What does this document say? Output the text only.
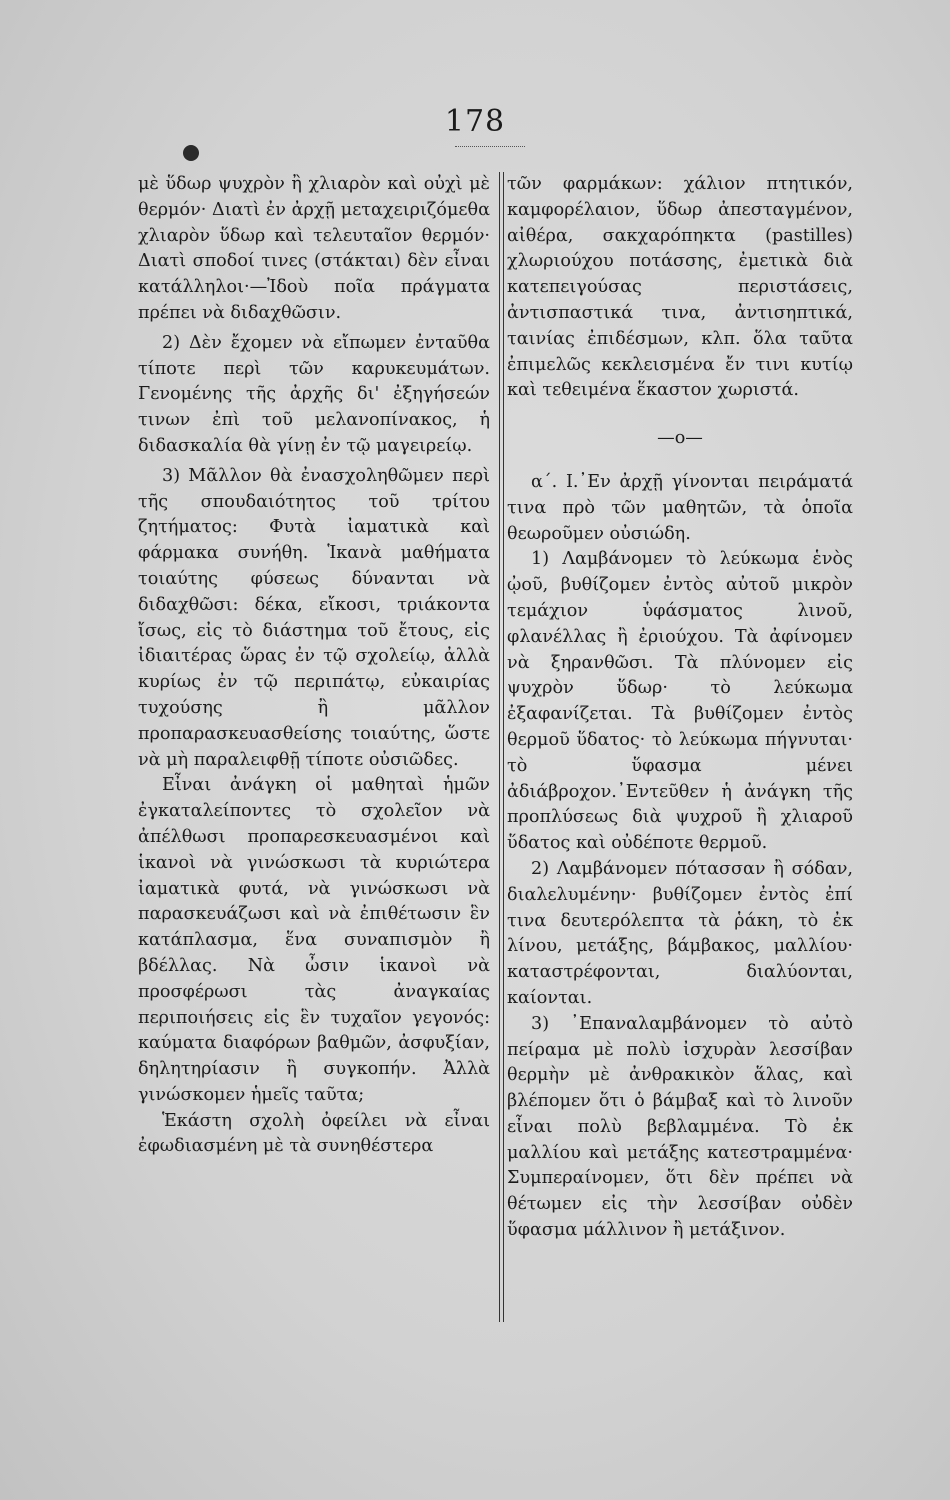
178

μὲ ὕδωρ ψυχρὸν ἢ χλιαρὸν καὶ οὐχὶ μὲ θερμόν· Διατὶ ἐν ἀρχῇ μεταχειριζόμεθα χλιαρὸν ὕδωρ καὶ τελευταῖον θερμόν· Διατὶ σποδοί τινες (στάκται) δὲν εἶναι κατάλληλοι·—Ἰδοὺ ποῖα πράγματα πρέπει νὰ διδαχθῶσιν.

2) Δὲν ἔχομεν νὰ εἴπωμεν ἐνταῦθα τίποτε περὶ τῶν καρυκευμάτων. Γενομένης τῆς ἀρχῆς δι' ἐξηγήσεών τινων ἐπὶ τοῦ μελανοπίνακος, ἡ διδασκαλία θὰ γίνῃ ἐν τῷ μαγειρείῳ.

3) Μᾶλλον θὰ ἐνασχοληθῶμεν περὶ τῆς σπουδαιότητος τοῦ τρίτου ζητήματος: Φυτὰ ἰαματικὰ καὶ φάρμακα συνήθη. Ἱκανὰ μαθήματα τοιαύτης φύσεως δύνανται νὰ διδαχθῶσι: δέκα, εἴκοσι, τριάκοντα ἴσως, εἰς τὸ διάστημα τοῦ ἔτους, εἰς ἰδιαιτέρας ὥρας ἐν τῷ σχολείῳ, ἀλλὰ κυρίως ἐν τῷ περιπάτῳ, εὐκαιρίας τυχούσης ἢ μᾶλλον προπαρασκευασθείσης τοιαύτης, ὥστε νὰ μὴ παραλειφθῇ τίποτε οὐσιῶδες.

Εἶναι ἀνάγκη οἱ μαθηταὶ ἡμῶν ἐγκαταλείποντες τὸ σχολεῖον νὰ ἀπέλθωσι προπαρεσκευασμένοι καὶ ἱκανοὶ νὰ γινώσκωσι τὰ κυριώτερα ἰαματικὰ φυτά, νὰ γινώσκωσι νὰ παρασκευάζωσι καὶ νὰ ἐπιθέτωσιν ἓν κατάπλασμα, ἕνα συναπισμὸν ἢ βδέλλας. Νὰ ὦσιν ἱκανοὶ νὰ προσφέρωσι τὰς ἀναγκαίας περιποιήσεις εἰς ἓν τυχαῖον γεγονός: καύματα διαφόρων βαθμῶν, ἀσφυξίαν, δηλητηρίασιν ἢ συγκοπήν. Ἀλλὰ γινώσκομεν ἡμεῖς ταῦτα;

Ἑκάστη σχολὴ ὀφείλει νὰ εἶναι ἐφωδιασμένη μὲ τὰ συνηθέστερα

τῶν φαρμάκων: χάλιον πτητικόν, καμφορέλαιον, ὕδωρ ἀπεσταγμένον, αἰθέρα, σακχαρόπηκτα (pastilles) χλωριούχου ποτάσσης, ἐμετικὰ διὰ κατεπειγούσας περιστάσεις, ἀντισπαστικά τινα, ἀντισηπτικά, ταινίας ἐπιδέσμων, κλπ. ὅλα ταῦτα ἐπιμελῶς κεκλεισμένα ἔν τινι κυτίῳ καὶ τεθειμένα ἕκαστον χωριστά.

—ο—

α΄. Ι.᾽Εν ἀρχῇ γίνονται πειράματά τινα πρὸ τῶν μαθητῶν, τὰ ὁποῖα θεωροῦμεν οὐσιώδη.

1) Λαμβάνομεν τὸ λεύκωμα ἑνὸς ᾠοῦ, βυθίζομεν ἐντὸς αὐτοῦ μικρὸν τεμάχιον ὑφάσματος λινοῦ, φλανέλλας ἢ ἐριούχου. Τὰ ἀφίνομεν νὰ ξηρανθῶσι. Τὰ πλύνομεν εἰς ψυχρὸν ὕδωρ· τὸ λεύκωμα ἐξαφανίζεται. Τὰ βυθίζομεν ἐντὸς θερμοῦ ὕδατος· τὸ λεύκωμα πήγνυται· τὸ ὕφασμα μένει ἀδιάβροχον.᾽Εντεῦθεν ἡ ἀνάγκη τῆς προπλύσεως διὰ ψυχροῦ ἢ χλιαροῦ ὕδατος καὶ οὐδέποτε θερμοῦ.

2) Λαμβάνομεν πότασσαν ἢ σόδαν, διαλελυμένην· βυθίζομεν ἐντὸς ἐπί τινα δευτερόλεπτα τὰ ῥάκη, τὸ ἐκ λίνου, μετάξης, βάμβακος, μαλλίου· καταστρέφονται, διαλύονται, καίονται.

3) ᾽Επαναλαμβάνομεν τὸ αὐτὸ πείραμα μὲ πολὺ ἰσχυρὰν λεσσίβαν θερμὴν μὲ ἀνθρακικὸν ἅλας, καὶ βλέπομεν ὅτι ὁ βάμβαξ καὶ τὸ λινοῦν εἶναι πολὺ βεβλαμμένα. Τὸ ἐκ μαλλίου καὶ μετάξης κατεστραμμένα· Συμπεραίνομεν, ὅτι δὲν πρέπει νὰ θέτωμεν εἰς τὴν λεσσίβαν οὐδὲν ὕφασμα μάλλινον ἢ μετάξινον.
